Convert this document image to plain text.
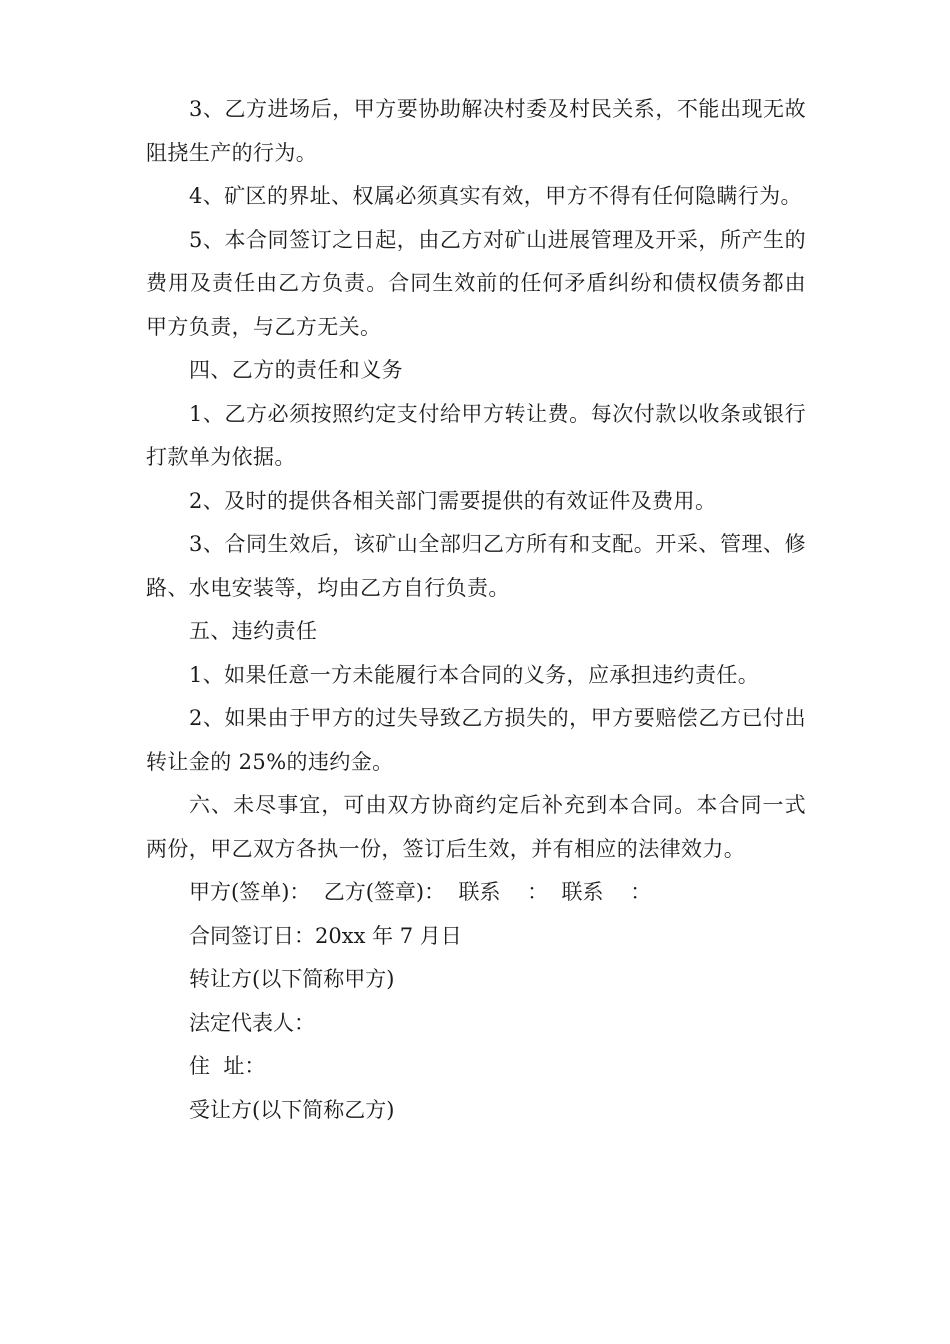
3、乙方进场后，甲方要协助解决村委及村民关系，不能出现无故阻挠生产的行为。

4、矿区的界址、权属必须真实有效，甲方不得有任何隐瞒行为。

5、本合同签订之日起，由乙方对矿山进展管理及开采，所产生的费用及责任由乙方负责。合同生效前的任何矛盾纠纷和债权债务都由甲方负责，与乙方无关。

四、乙方的责任和义务

1、乙方必须按照约定支付给甲方转让费。每次付款以收条或银行打款单为依据。

2、及时的提供各相关部门需要提供的有效证件及费用。

3、合同生效后，该矿山全部归乙方所有和支配。开采、管理、修路、水电安装等，均由乙方自行负责。

五、违约责任

1、如果任意一方未能履行本合同的义务，应承担违约责任。

2、如果由于甲方的过失导致乙方损失的，甲方要赔偿乙方已付出转让金的 25%的违约金。

六、未尽事宜，可由双方协商约定后补充到本合同。本合同一式两份，甲乙双方各执一份，签订后生效，并有相应的法律效力。

甲方(签单)：  乙方(签章)：  联系    ：  联系    ：

合同签订日：20xx 年 7 月日

转让方(以下简称甲方)

法定代表人：

住  址：

受让方(以下简称乙方)
